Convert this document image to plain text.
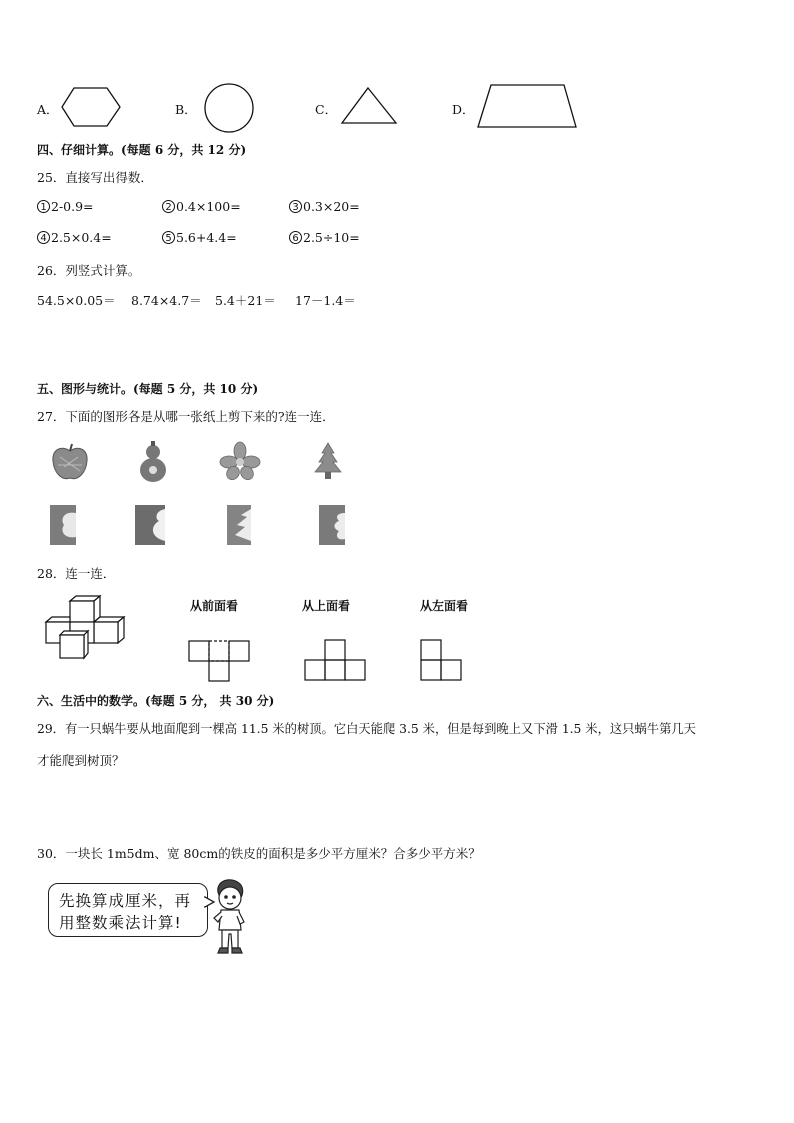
A．	B．	C．	D．
四、仔细计算。(每题 6 分，共 12 分)
25．直接写出得数．
1 2-0.9=	2 0.4×100=	3 0.3×20=
4 2.5×0.4=	5 5.6+4.4=	6 2.5÷10=
26．列竖式计算。
54.5×0.05＝ 8.74×4.7＝ 5.4＋21＝ 17－1.4＝
五、图形与统计。(每题 5 分，共 10 分)
27．下面的图形各是从哪一张纸上剪下来的?连一连．
28．连一连．
从前面看	从上面看	从左面看
六、生活中的数学。(每题 5 分， 共 30 分)
29．有一只蜗牛要从地面爬到一棵高 11.5 米的树顶。它白天能爬 3.5 米，但是每到晚上又下滑 1.5 米，这只蜗牛第几天
才能爬到树顶？
30．一块长 1m5dm、宽 80cm的铁皮的面积是多少平方厘米？合多少平方米？
先换算成厘米，再
用整数乘法计算!
